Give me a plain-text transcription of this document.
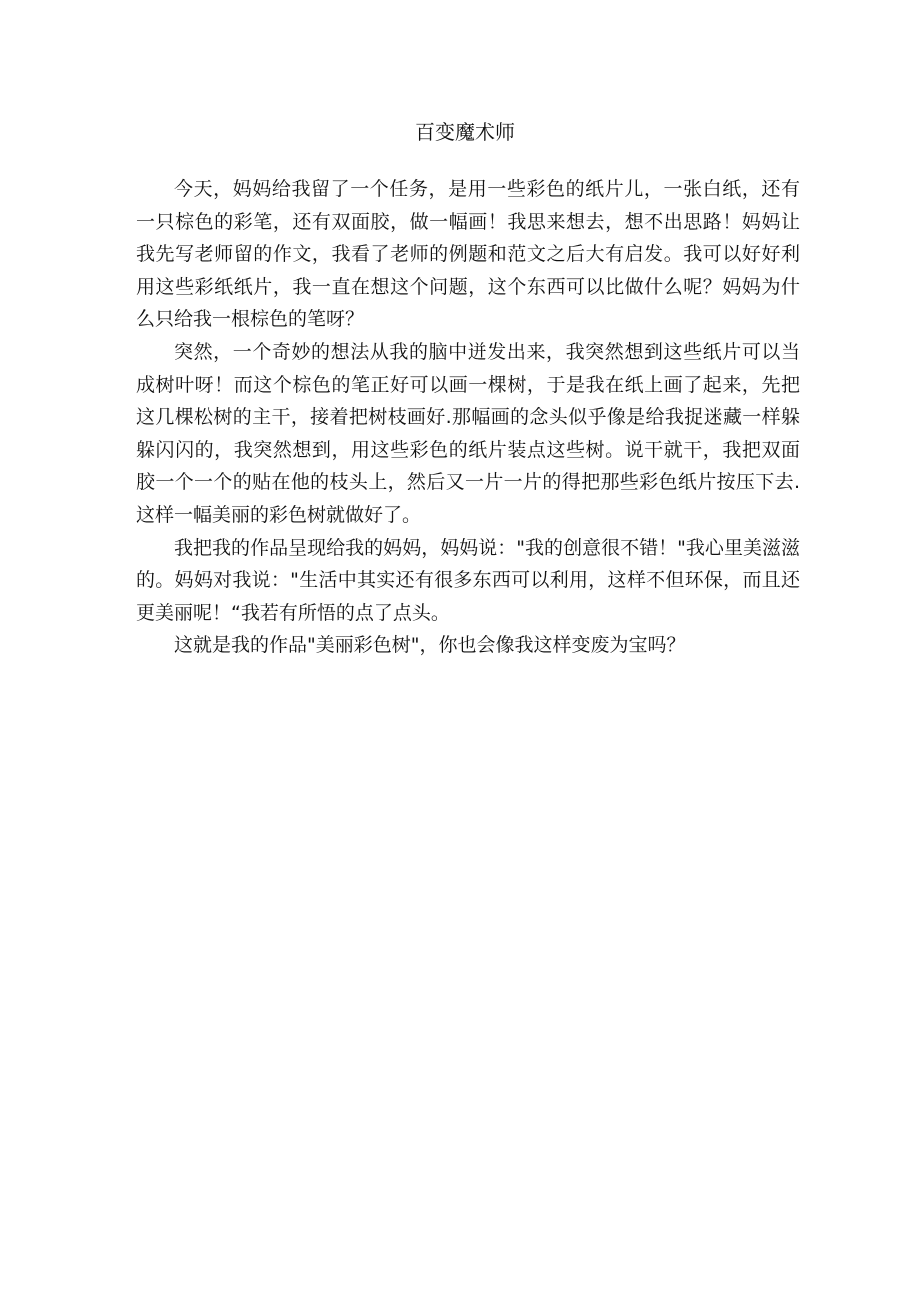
百变魔术师

今天，妈妈给我留了一个任务，是用一些彩色的纸片儿，一张白纸，还有一只棕色的彩笔，还有双面胶，做一幅画！我思来想去，想不出思路！妈妈让我先写老师留的作文，我看了老师的例题和范文之后大有启发。我可以好好利用这些彩纸纸片，我一直在想这个问题，这个东西可以比做什么呢？妈妈为什么只给我一根棕色的笔呀？

突然，一个奇妙的想法从我的脑中迸发出来，我突然想到这些纸片可以当成树叶呀！而这个棕色的笔正好可以画一棵树，于是我在纸上画了起来，先把这几棵松树的主干，接着把树枝画好.那幅画的念头似乎像是给我捉迷藏一样躲躲闪闪的，我突然想到，用这些彩色的纸片装点这些树。说干就干，我把双面胶一个一个的贴在他的枝头上，然后又一片一片的得把那些彩色纸片按压下去.这样一幅美丽的彩色树就做好了。

我把我的作品呈现给我的妈妈，妈妈说："我的创意很不错！"我心里美滋滋的。妈妈对我说："生活中其实还有很多东西可以利用，这样不但环保，而且还更美丽呢！“我若有所悟的点了点头。

这就是我的作品"美丽彩色树"，你也会像我这样变废为宝吗？
